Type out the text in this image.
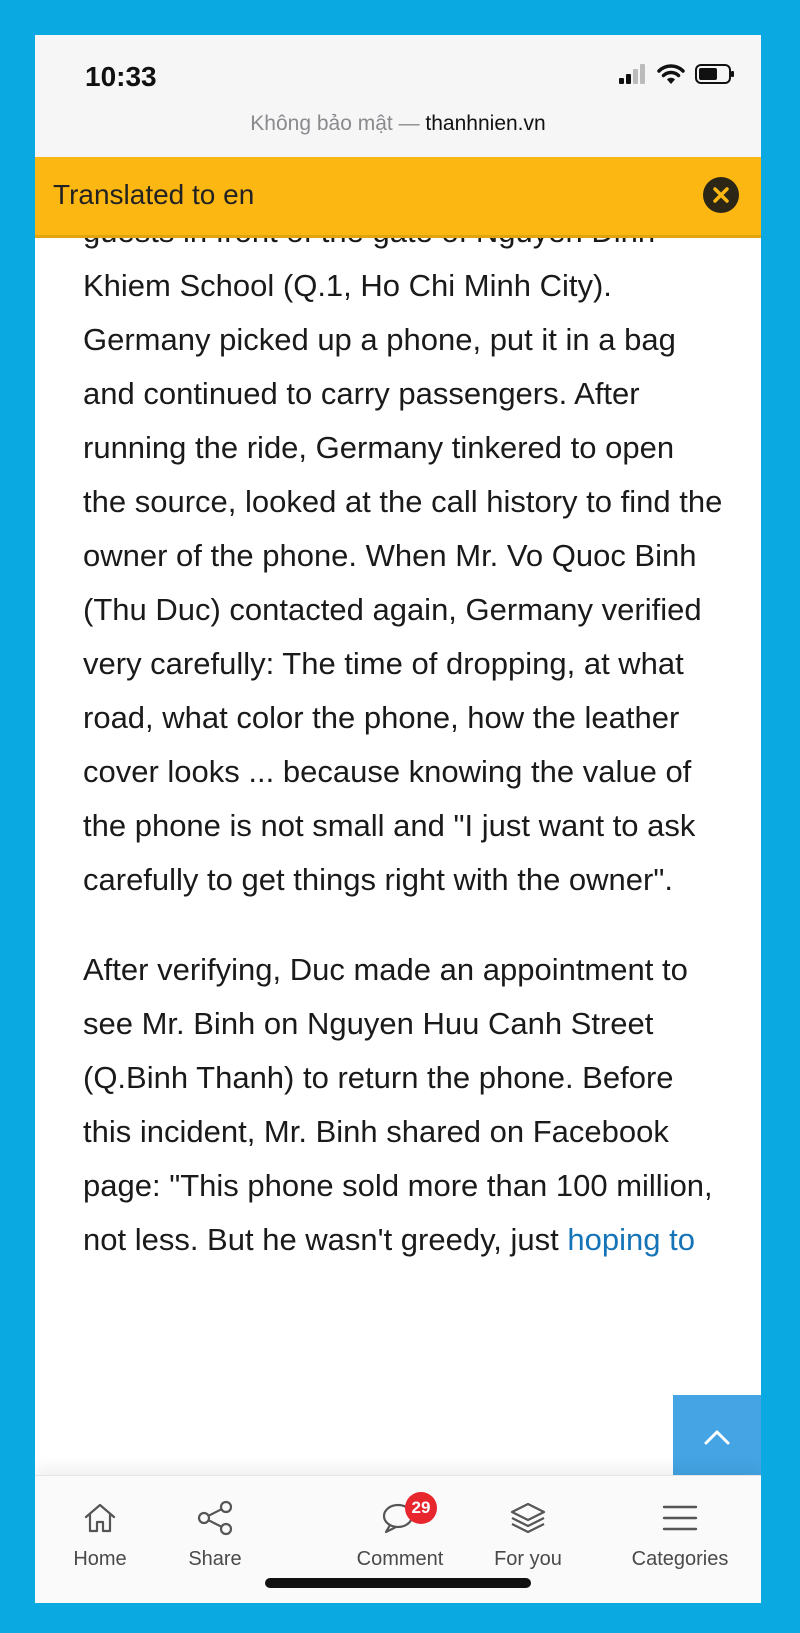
Khiem School (Q.1, Ho Chi Minh City). Germany picked up a phone, put it in a bag and continued to carry passengers. After running the ride, Germany tinkered to open the source, looked at the call history to find the owner of the phone. When Mr. Vo Quoc Binh (Thu Duc) contacted again, Germany verified very carefully: The time of dropping, at what road, what color the phone, how the leather cover looks ... because knowing the value of the phone is not small and "I just want to ask carefully to get things right with the owner".

After verifying, Duc made an appointment to see Mr. Binh on Nguyen Huu Canh Street (Q.Binh Thanh) to return the phone. Before this incident, Mr. Binh shared on Facebook page: "This phone sold more than 100 million, not less. But he wasn't greedy, just hoping to

10:33
Không bảo mật — thanhnien.vn
Translated to en
Home	Share
29
Comment	For you	Categories
